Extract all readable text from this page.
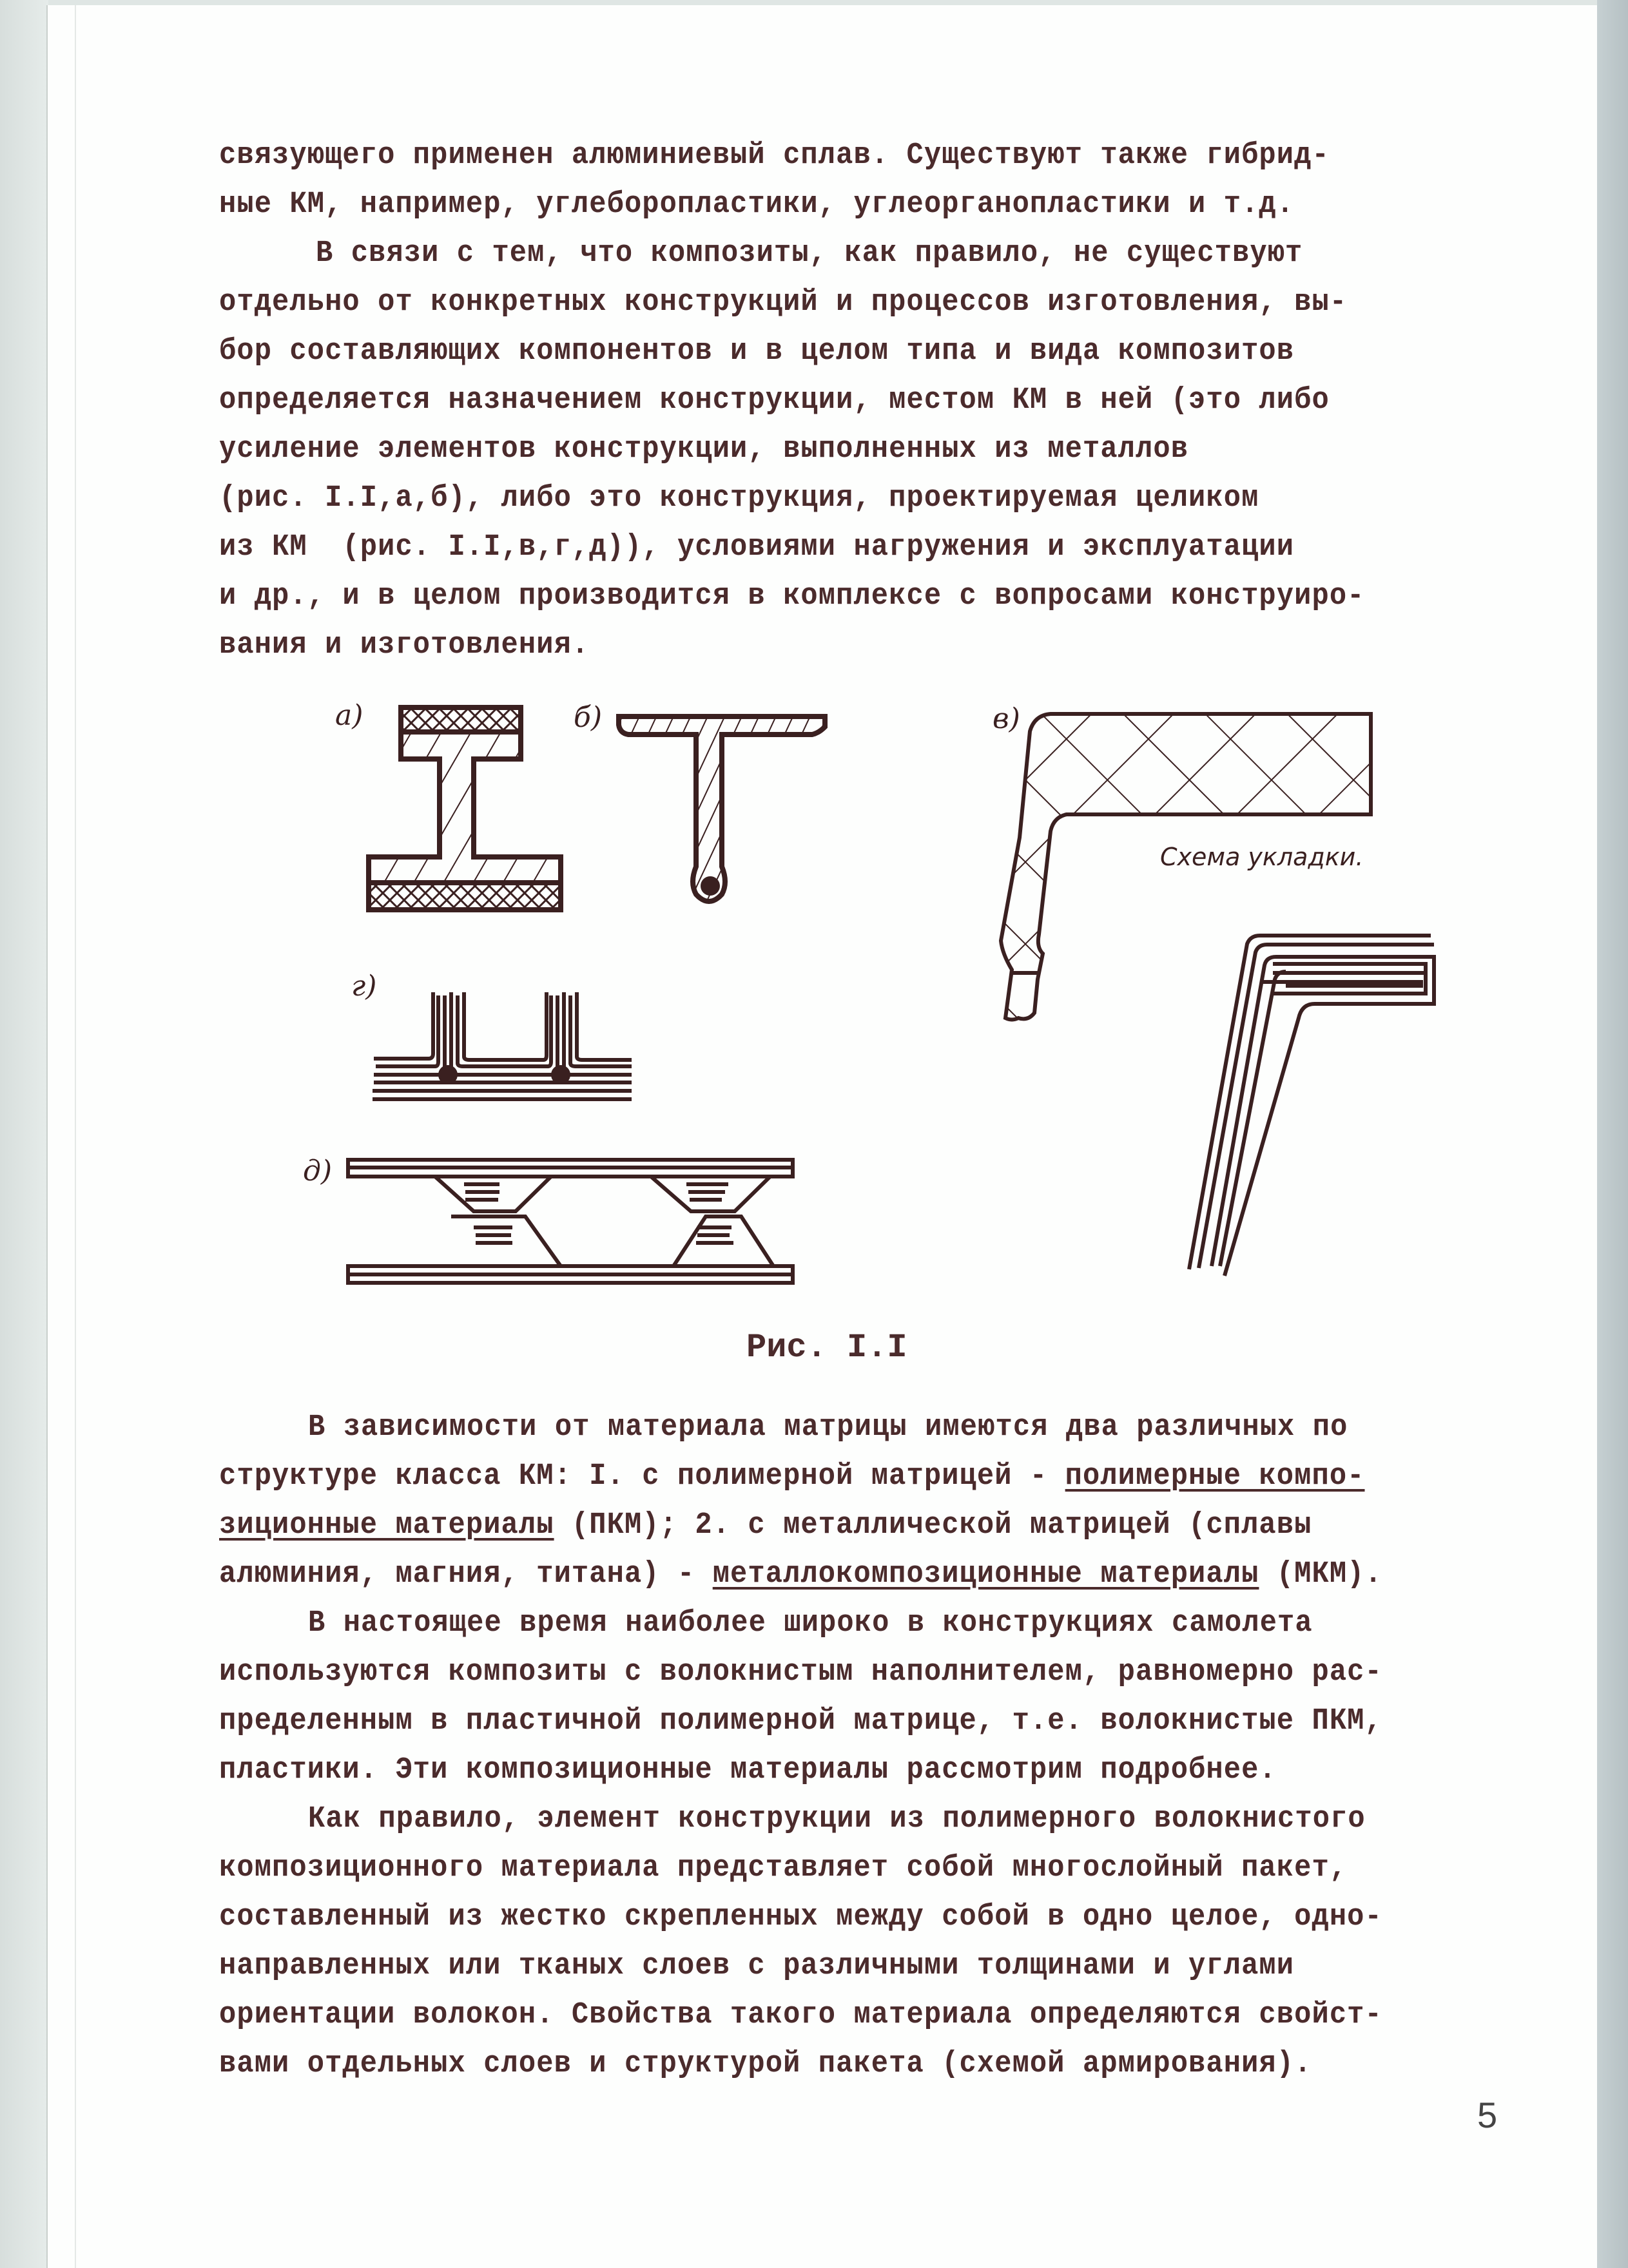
связующего применен алюминиевый сплав. Существуют также гибрид-
ные КМ, например, углебoропластики, углеорганопластики и т.д.
В связи с тем, что композиты, как правило, не существуют
отдельно от конкретных конструкций и процессов изготовления, вы-
бор составляющих компонентов и в целом типа и вида композитов
определяется назначением конструкции, местом КМ в ней (это либо
усиление элементов конструкции, выполненных из металлов
(рис. I.I,а,б), либо это конструкция, проектируемая целиком
из КМ  (рис. I.I,в,г,д)), условиями нагружения и эксплуатации
и др., и в целом производится в комплексе с вопросами конструиро-
вания и изготовления.
а)	б)	в)
Схема укладки.
г)
д)
Рис. I.I
В зависимости от материала матрицы имеются два различных по
структуре класса КМ: I. с полимерной матрицей - полимерные компо-
зиционные материалы (ПКМ); 2. с металлической матрицей (сплавы
алюминия, магния, титана) - металлокомпозиционные материалы (МКМ).
В настоящее время наиболее широко в конструкциях самолета
используются композиты с волокнистым наполнителем, равномерно рас-
пределенным в пластичной полимерной матрице, т.е. волокнистые ПКМ,
пластики. Эти композиционные материалы рассмотрим подробнее.
Как правило, элемент конструкции из полимерного волокнистого
композиционного материала представляет собой многослойный пакет,
составленный из жестко скрепленных между собой в одно целое, одно-
направленных или тканых слоев с различными толщинами и углами
ориентации волокон. Свойства такого материала определяются свойст-
вами отдельных слоев и структурой пакета (схемой армирования).
5
